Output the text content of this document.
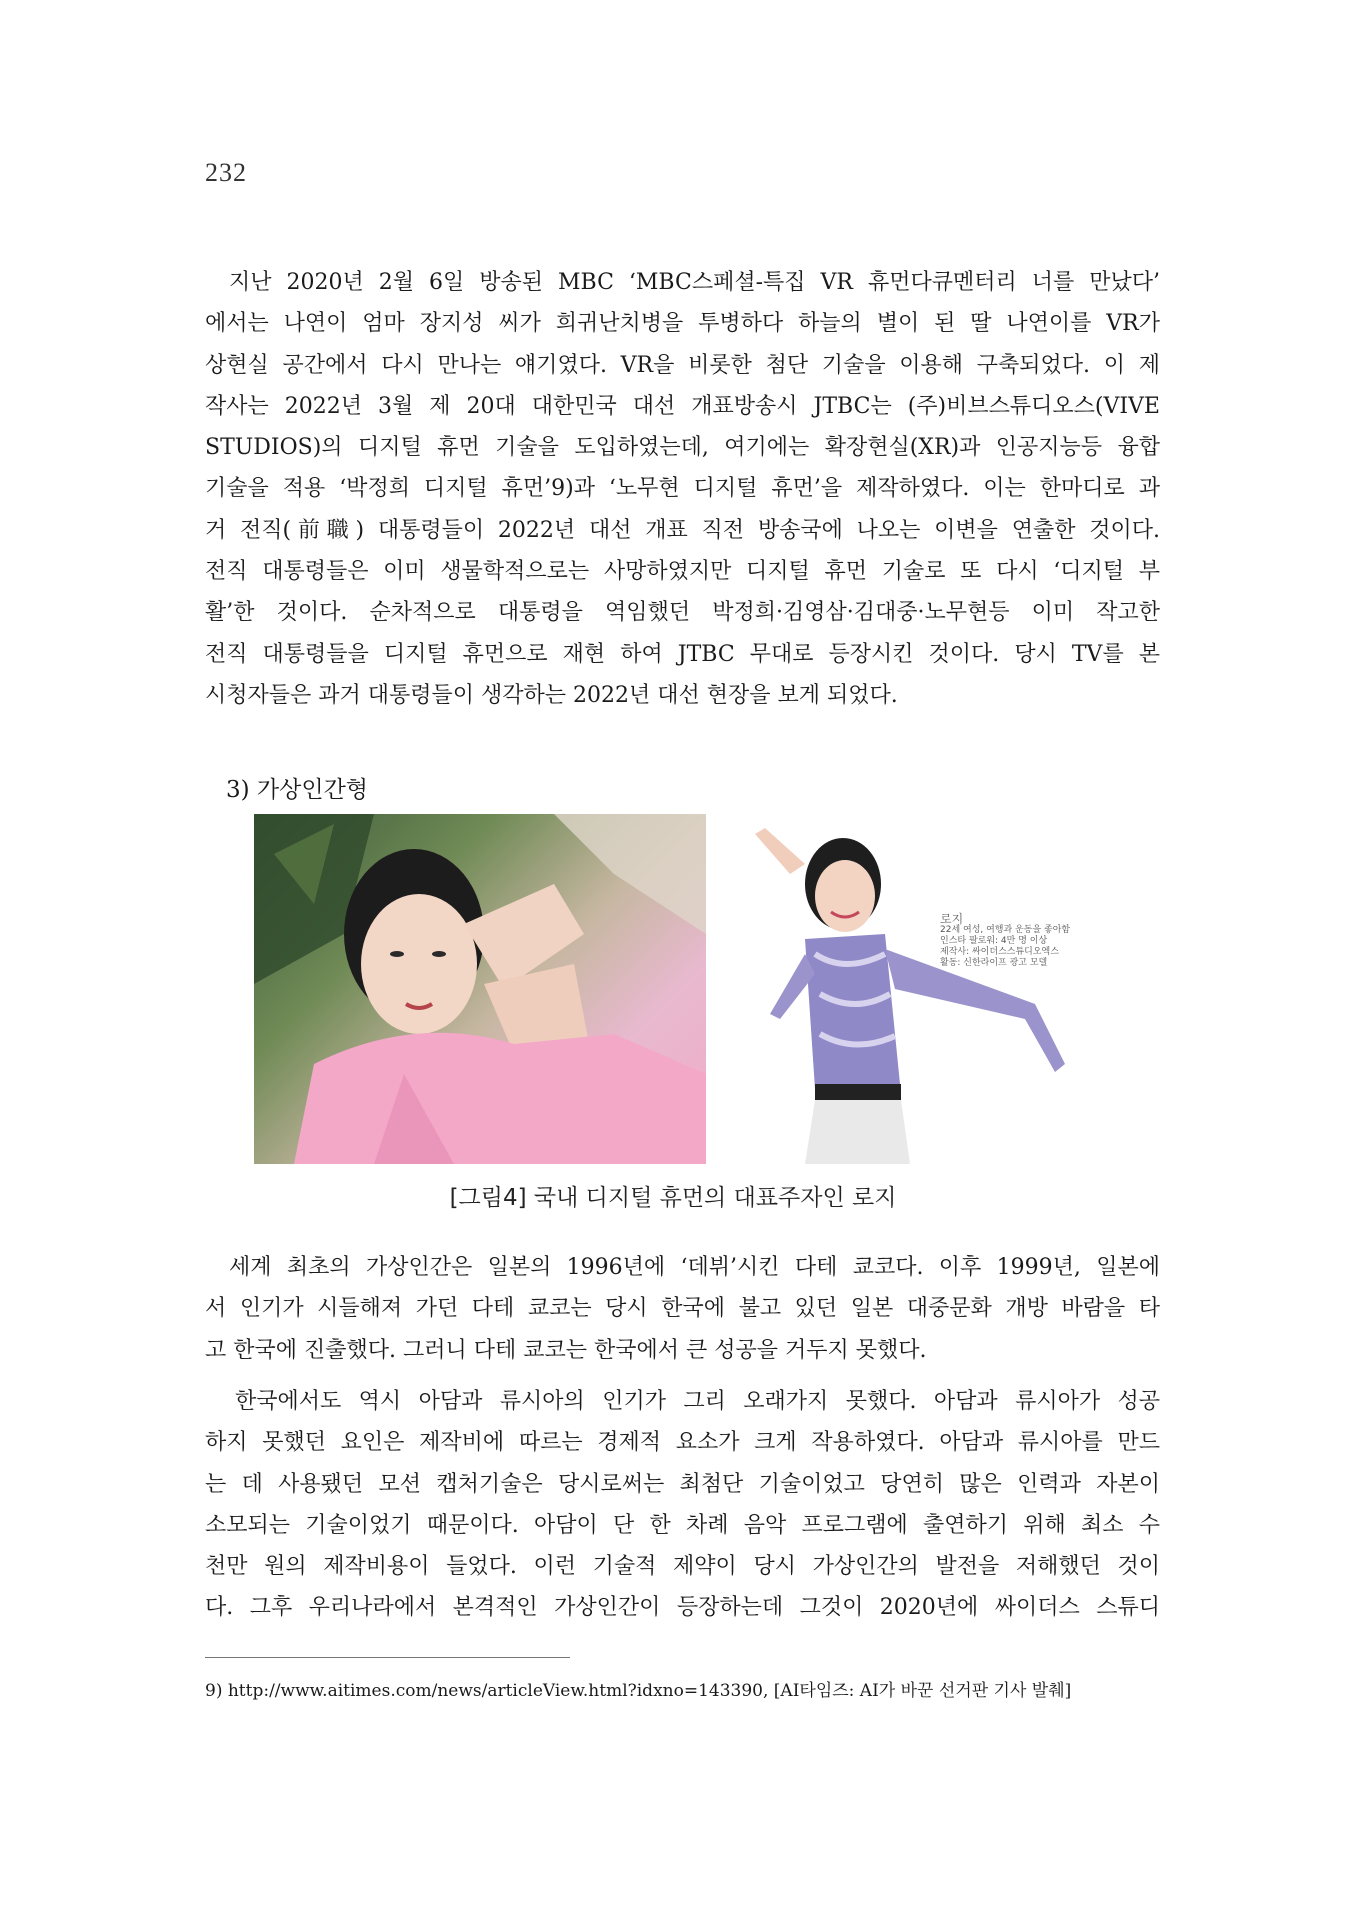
232
지난 2020년 2월 6일 방송된 MBC ‘MBC스페셜-특집 VR 휴먼다큐멘터리 너를 만났다’
에서는 나연이 엄마 장지성 씨가 희귀난치병을 투병하다 하늘의 별이 된 딸 나연이를 VR가
상현실 공간에서 다시 만나는 얘기였다. VR을 비롯한 첨단 기술을 이용해 구축되었다. 이 제
작사는 2022년 3월 제 20대 대한민국 대선 개표방송시 JTBC는 (주)비브스튜디오스(VIVE
STUDIOS)의 디지털 휴먼 기술을 도입하였는데, 여기에는 확장현실(XR)과 인공지능등 융합
기술을 적용 ‘박정희 디지털 휴먼’9)과 ‘노무현 디지털 휴먼’을 제작하였다. 이는 한마디로 과
거 전직(前職) 대통령들이 2022년 대선 개표 직전 방송국에 나오는 이변을 연출한 것이다.
전직 대통령들은 이미 생물학적으로는 사망하였지만 디지털 휴먼 기술로 또 다시 ‘디지털 부
활’한 것이다. 순차적으로 대통령을 역임했던 박정희·김영삼·김대중·노무현등 이미 작고한
전직 대통령들을 디지털 휴먼으로 재현 하여 JTBC 무대로 등장시킨 것이다. 당시 TV를 본
시청자들은 과거 대통령들이 생각하는 2022년 대선 현장을 보게 되었다.
3) 가상인간형
로지
22세 여성, 여행과 운동을 좋아함
인스타 팔로워: 4만 명 이상
제작사: 싸이더스스튜디오엑스
활동: 신한라이프 광고 모델
[그림4] 국내 디지털 휴먼의 대표주자인 로지
세계 최초의 가상인간은 일본의 1996년에 ‘데뷔’시킨 다테 쿄코다. 이후 1999년, 일본에
서 인기가 시들해져 가던 다테 쿄코는 당시 한국에 불고 있던 일본 대중문화 개방 바람을 타
고 한국에 진출했다. 그러니 다테 쿄코는 한국에서 큰 성공을 거두지 못했다.
한국에서도 역시 아담과 류시아의 인기가 그리 오래가지 못했다. 아담과 류시아가 성공
하지 못했던 요인은 제작비에 따르는 경제적 요소가 크게 작용하였다. 아담과 류시아를 만드
는 데 사용됐던 모션 캡처기술은 당시로써는 최첨단 기술이었고 당연히 많은 인력과 자본이
소모되는 기술이었기 때문이다. 아담이 단 한 차례 음악 프로그램에 출연하기 위해 최소 수
천만 원의 제작비용이 들었다. 이런 기술적 제약이 당시 가상인간의 발전을 저해했던 것이
다. 그후 우리나라에서 본격적인 가상인간이 등장하는데 그것이 2020년에 싸이더스 스튜디
9) http://www.aitimes.com/news/articleView.html?idxno=143390, [AI타임즈: AI가 바꾼 선거판 기사 발췌]
